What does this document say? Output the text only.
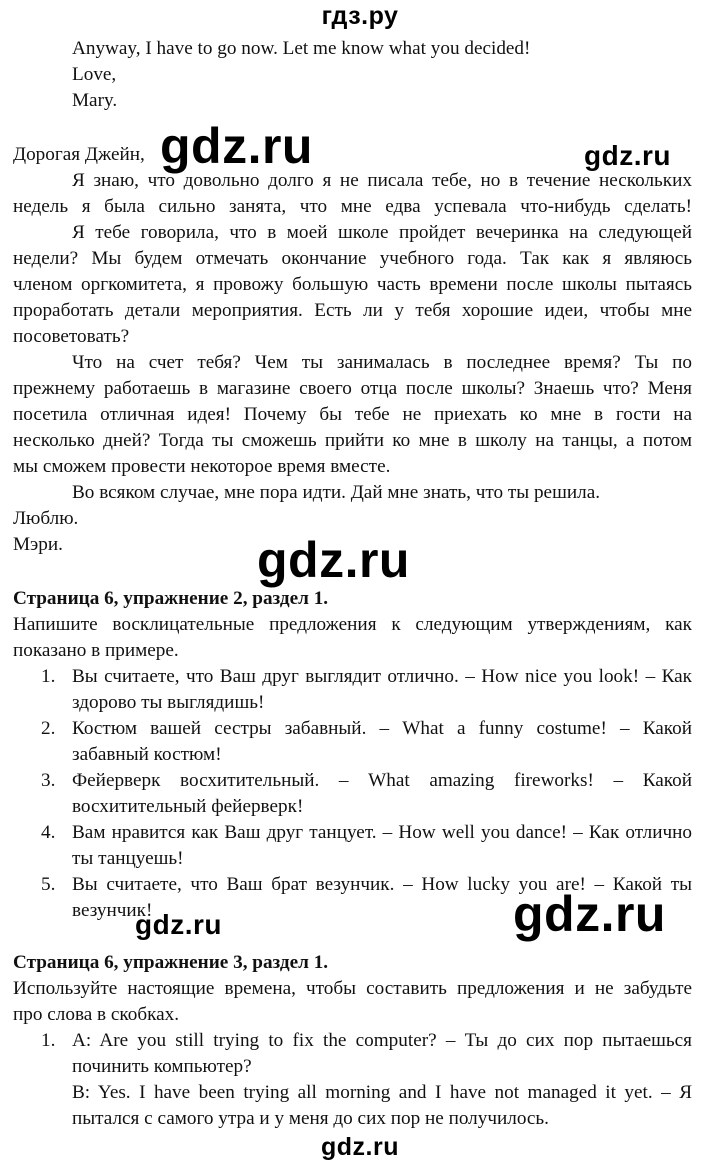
гдз.ру
Anyway, I have to go now. Let me know what you decided!
Love,
Mary.
Дорогая Джейн,
Я знаю, что довольно долго я не писала тебе, но в течение нескольких
недель я была сильно занята, что мне едва успевала что-нибудь сделать!
Я тебе говорила, что в моей школе пройдет вечеринка на следующей
недели? Мы будем отмечать окончание учебного года. Так как я являюсь
членом оргкомитета, я провожу большую часть времени после школы пытаясь
проработать детали мероприятия. Есть ли у тебя хорошие идеи, чтобы мне
посоветовать?
Что на счет тебя? Чем ты занималась в последнее время? Ты по
прежнему работаешь в магазине своего отца после школы? Знаешь что? Меня
посетила отличная идея! Почему бы тебе не приехать ко мне в гости на
несколько дней? Тогда ты сможешь прийти ко мне в школу на танцы, а потом
мы сможем провести некоторое время вместе.
Во всяком случае, мне пора идти. Дай мне знать, что ты решила.
Люблю.
Мэри.
Страница 6, упражнение 2, раздел 1.
Напишите восклицательные предложения к следующим утверждениям, как
показано в примере.
1. Вы считаете, что Ваш друг выглядит отлично. – How nice you look! – Как
здорово ты выглядишь!
2. Костюм вашей сестры забавный. – What a funny costume! – Какой
забавный костюм!
3. Фейерверк восхитительный. – What amazing fireworks! – Какой
восхитительный фейерверк!
4. Вам нравится как Ваш друг танцует. – How well you dance! – Как отлично
ты танцуешь!
5. Вы считаете, что Ваш брат везунчик. – How lucky you are! – Какой ты
везунчик!
Страница 6, упражнение 3, раздел 1.
Используйте настоящие времена, чтобы составить предложения и не забудьте
про слова в скобках.
1. A: Are you still trying to fix the computer? – Ты до сих пор пытаешься
починить компьютер?
B: Yes. I have been trying all morning and I have not managed it yet. – Я
пытался с самого утра и у меня до сих пор не получилось.
gdz.ru	gdz.ru
gdz.ru
gdz.ru
gdz.ru
gdz.ru
